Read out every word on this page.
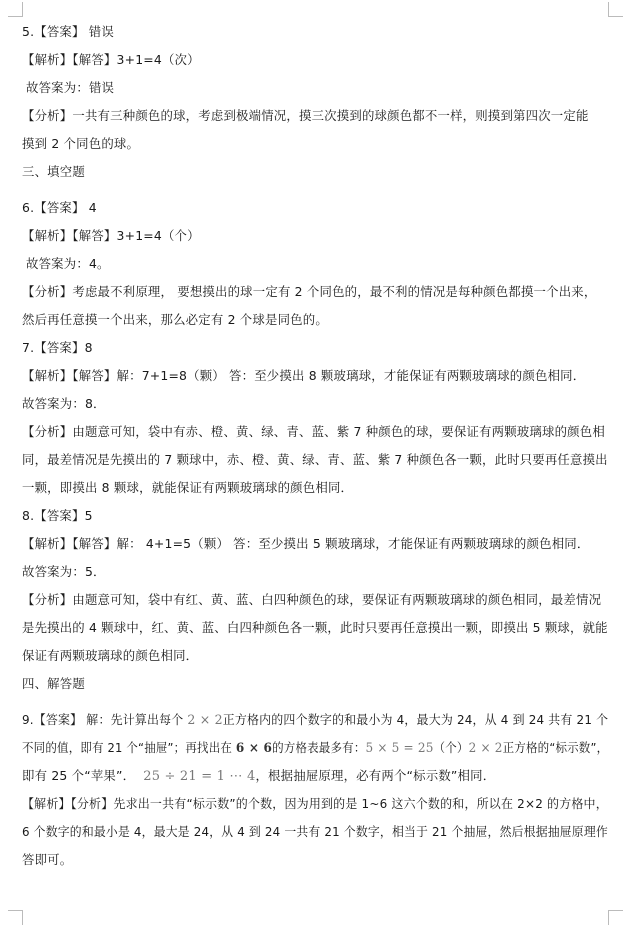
5.【答案】 错误
【解析】【解答】3+1=4（次）
故答案为：错误
【分析】一共有三种颜色的球，考虑到极端情况，摸三次摸到的球颜色都不一样，则摸到第四次一定能
摸到 2 个同色的球。
三、填空题
6.【答案】 4
【解析】【解答】3+1=4（个）
故答案为：4。
【分析】考虑最不利原理， 要想摸出的球一定有 2 个同色的，最不利的情况是每种颜色都摸一个出来，
然后再任意摸一个出来，那么必定有 2 个球是同色的。
7.【答案】8
【解析】【解答】解：7+1=8（颗） 答：至少摸出 8 颗玻璃球，才能保证有两颗玻璃球的颜色相同．
故答案为：8．
【分析】由题意可知，袋中有赤、橙、黄、绿、青、蓝、紫 7 种颜色的球，要保证有两颗玻璃球的颜色相
同，最差情况是先摸出的 7 颗球中，赤、橙、黄、绿、青、蓝、紫 7 种颜色各一颗，此时只要再任意摸出
一颗，即摸出 8 颗球，就能保证有两颗玻璃球的颜色相同．
8.【答案】5
【解析】【解答】解： 4+1=5（颗） 答：至少摸出 5 颗玻璃球，才能保证有两颗玻璃球的颜色相同．
故答案为：5．
【分析】由题意可知，袋中有红、黄、蓝、白四种颜色的球，要保证有两颗玻璃球的颜色相同，最差情况
是先摸出的 4 颗球中，红、黄、蓝、白四种颜色各一颗，此时只要再任意摸出一颗，即摸出 5 颗球，就能
保证有两颗玻璃球的颜色相同．
四、解答题
9.【答案】 解：先计算出每个 2 × 2正方格内的四个数字的和最小为 4，最大为 24，从 4 到 24 共有 21 个
不同的值，即有 21 个“抽屉”；再找出在 6 × 6的方格表最多有：5 × 5 = 25（个）2 × 2正方格的“标示数”，
即有 25 个“苹果”． 25 ÷ 21 = 1 ⋯ 4，根据抽屉原理，必有两个“标示数”相同．
【解析】【分析】先求出一共有“标示数”的个数，因为用到的是 1~6 这六个数的和，所以在 2×2 的方格中，
6 个数字的和最小是 4，最大是 24，从 4 到 24 一共有 21 个数字，相当于 21 个抽屉，然后根据抽屉原理作
答即可。
